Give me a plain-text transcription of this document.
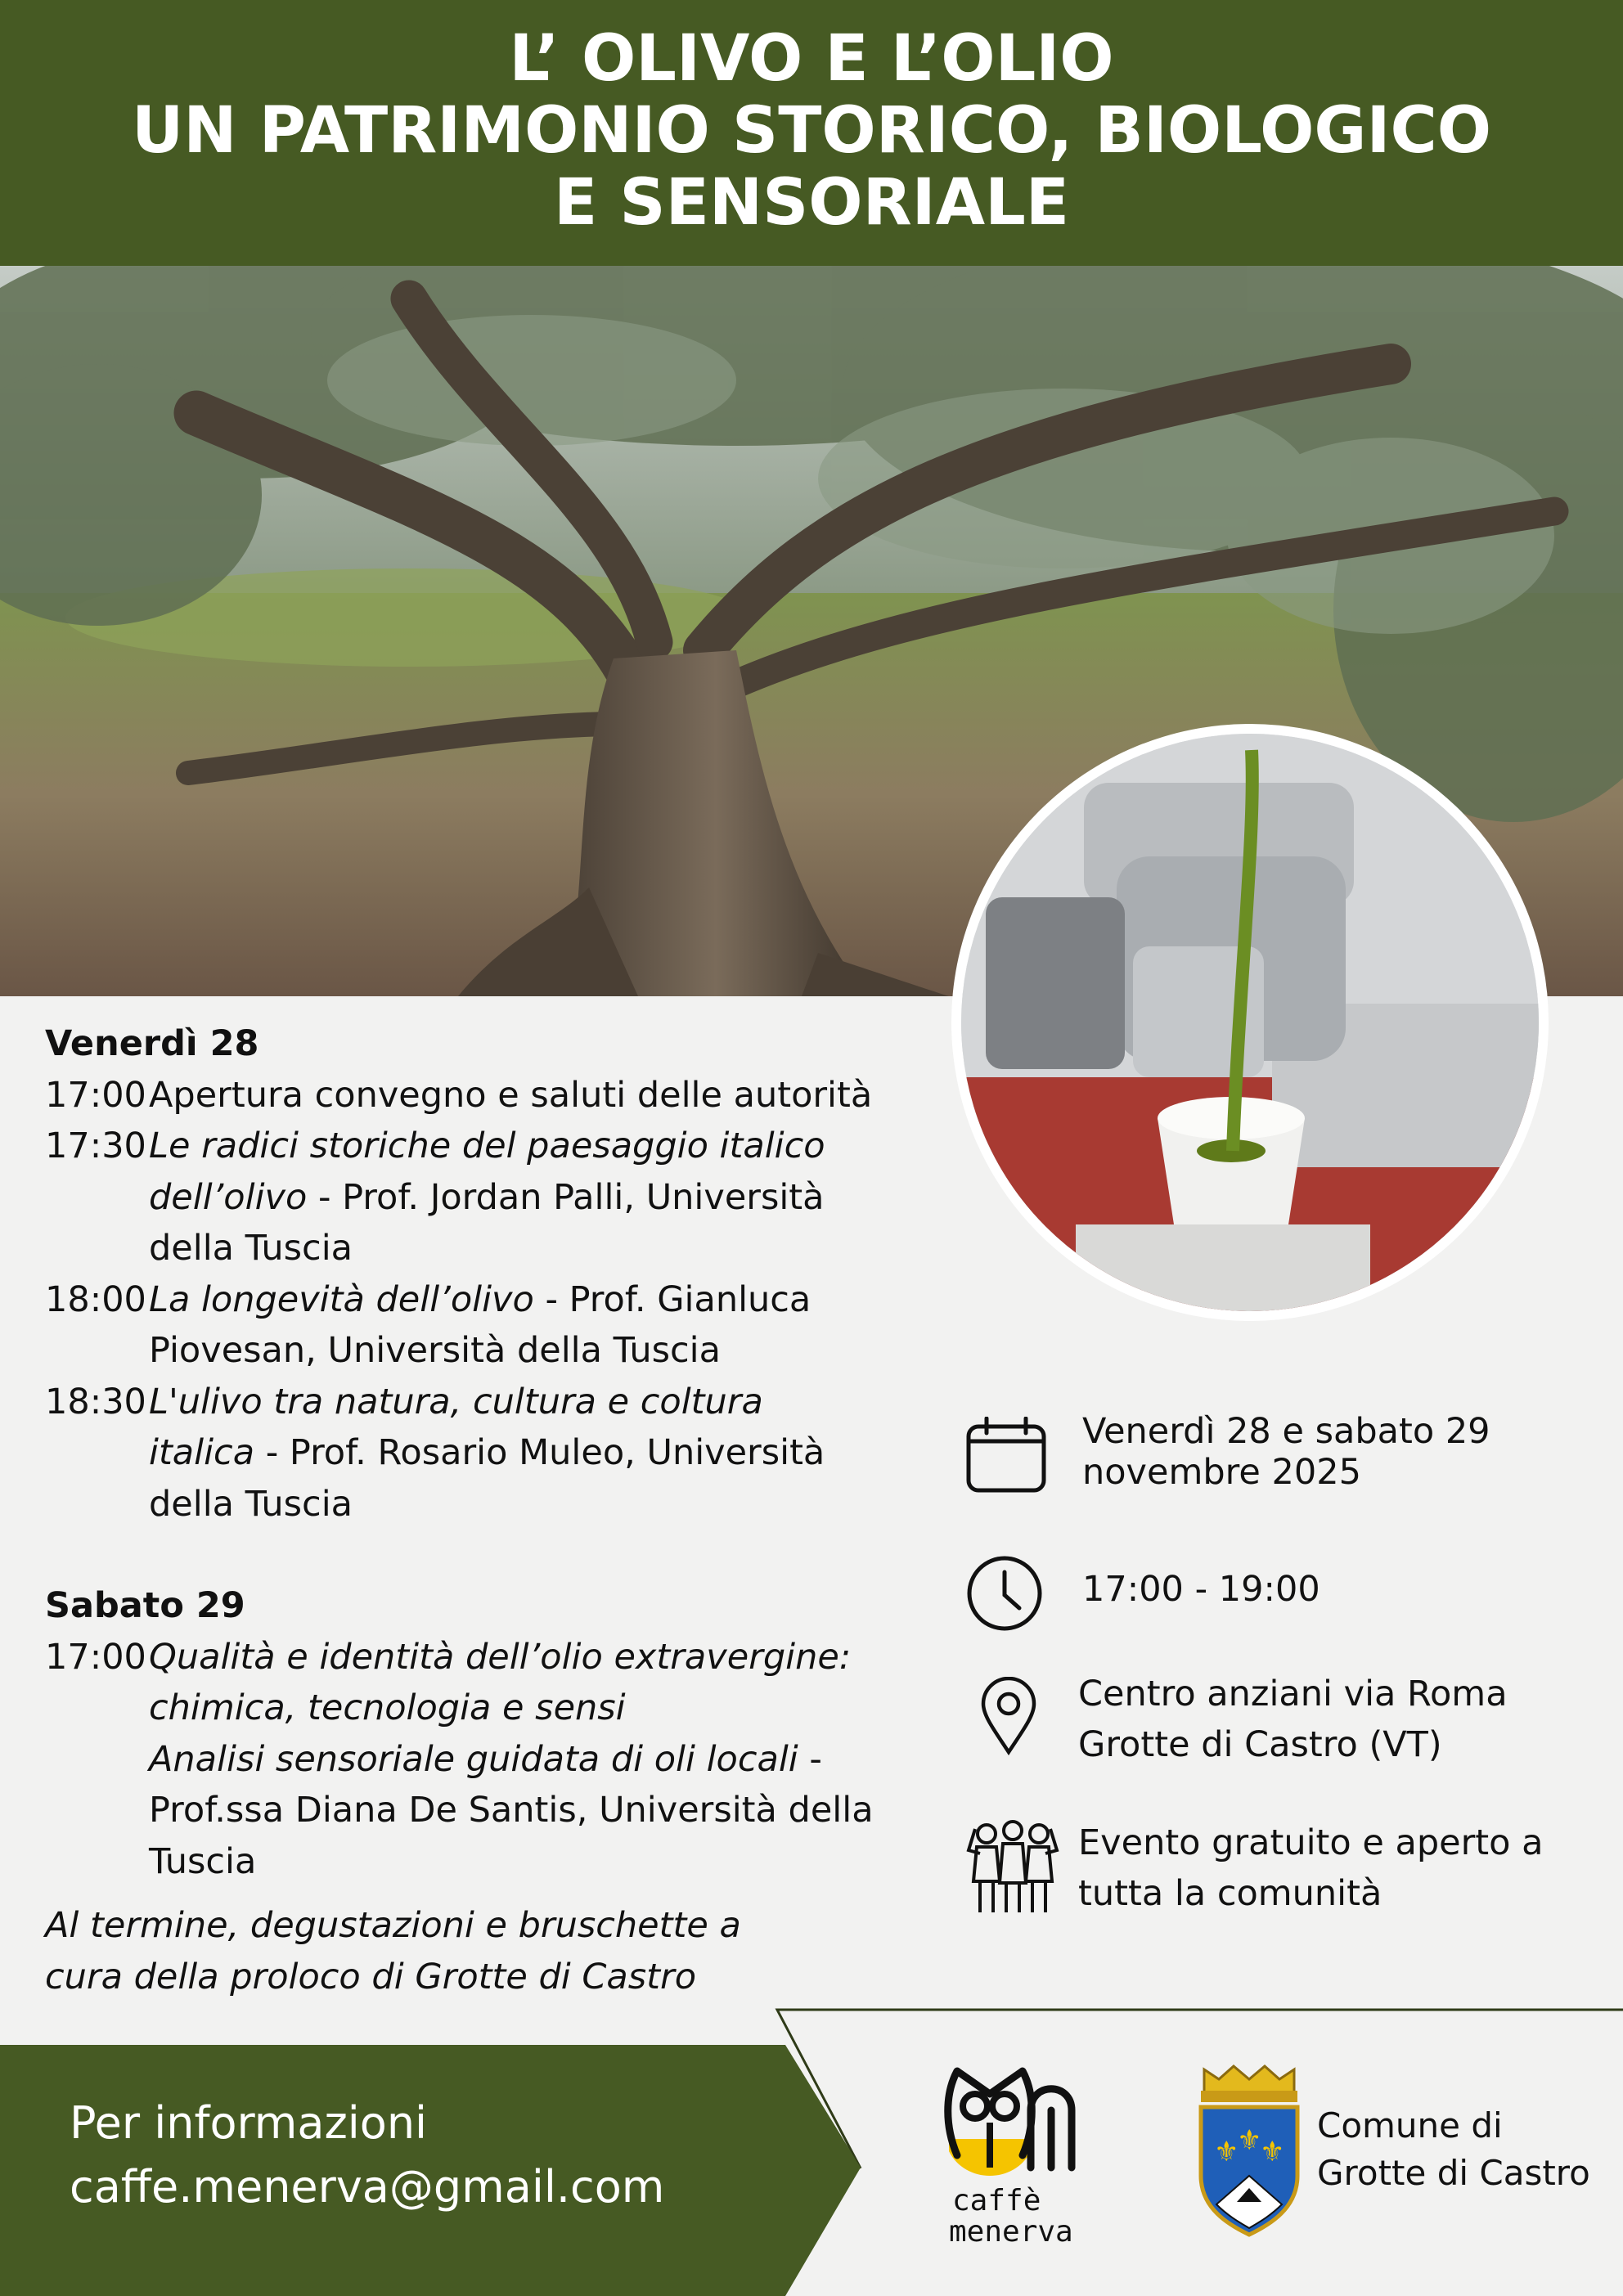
L’ OLIVO E L’OLIO
UN PATRIMONIO STORICO, BIOLOGICO
E SENSORIALE
Venerdì 28
17:00 Apertura convegno e saluti delle autorità
17:30 Le radici storiche del paesaggio italico
dell’olivo - Prof. Jordan Palli, Università
della Tuscia
18:00 La longevità dell’olivo - Prof. Gianluca
Piovesan, Università della Tuscia
18:30 L'ulivo tra natura, cultura e coltura
italica - Prof. Rosario Muleo, Università
della Tuscia
Sabato 29
17:00 Qualità e identità dell’olio extravergine:
chimica, tecnologia e sensi
Analisi sensoriale guidata di oli locali -
Prof.ssa Diana De Santis, Università della
Tuscia
Al termine, degustazioni e bruschette a
cura della proloco di Grotte di Castro
Venerdì 28 e sabato 29
novembre 2025
17:00 - 19:00
Centro anziani via Roma
Grotte di Castro (VT)
Evento gratuito e aperto a
tutta la comunità
Per informazioni
caffe.menerva@gmail.com	caffè
menerva
⚜
⚜
⚜
Comune di
Grotte di Castro
